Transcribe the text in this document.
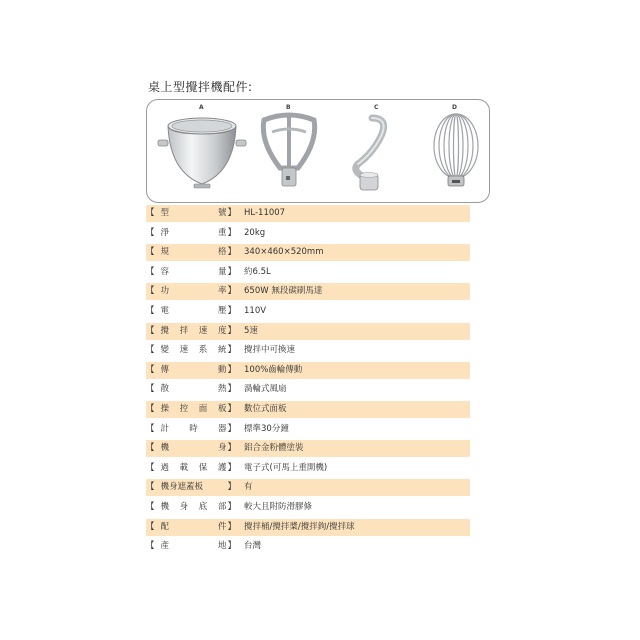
桌上型攪拌機配件:
A	B	C	D
【 型	號 】 HL-11007
【 淨	重 】 20kg
【 規	格 】 340×460×520mm
【 容	量 】 約6.5L
【 功	率 】 650W 無段碳刷馬達
【 電	壓 】 110V
【 攪 拌 速 度 】 5速
【 變 速 系 統 】 攪拌中可換速
【 傳	動 】 100%齒輪傳動
【 散	熱 】 渦輪式風扇
【 操 控 面 板 】 數位式面板
【 計 時 器 】 標準30分鐘
【 機	身 】 鋁合金粉體塗裝
【 過 載 保 護 】 電子式(可馬上重開機)
【 機身遮蓋板	】 有
【 機 身 底 部 】 較大且附防滑膠條
【 配	件 】 攪拌桶/攪拌槳/攪拌鉤/攪拌球
【 產	地 】 台灣
